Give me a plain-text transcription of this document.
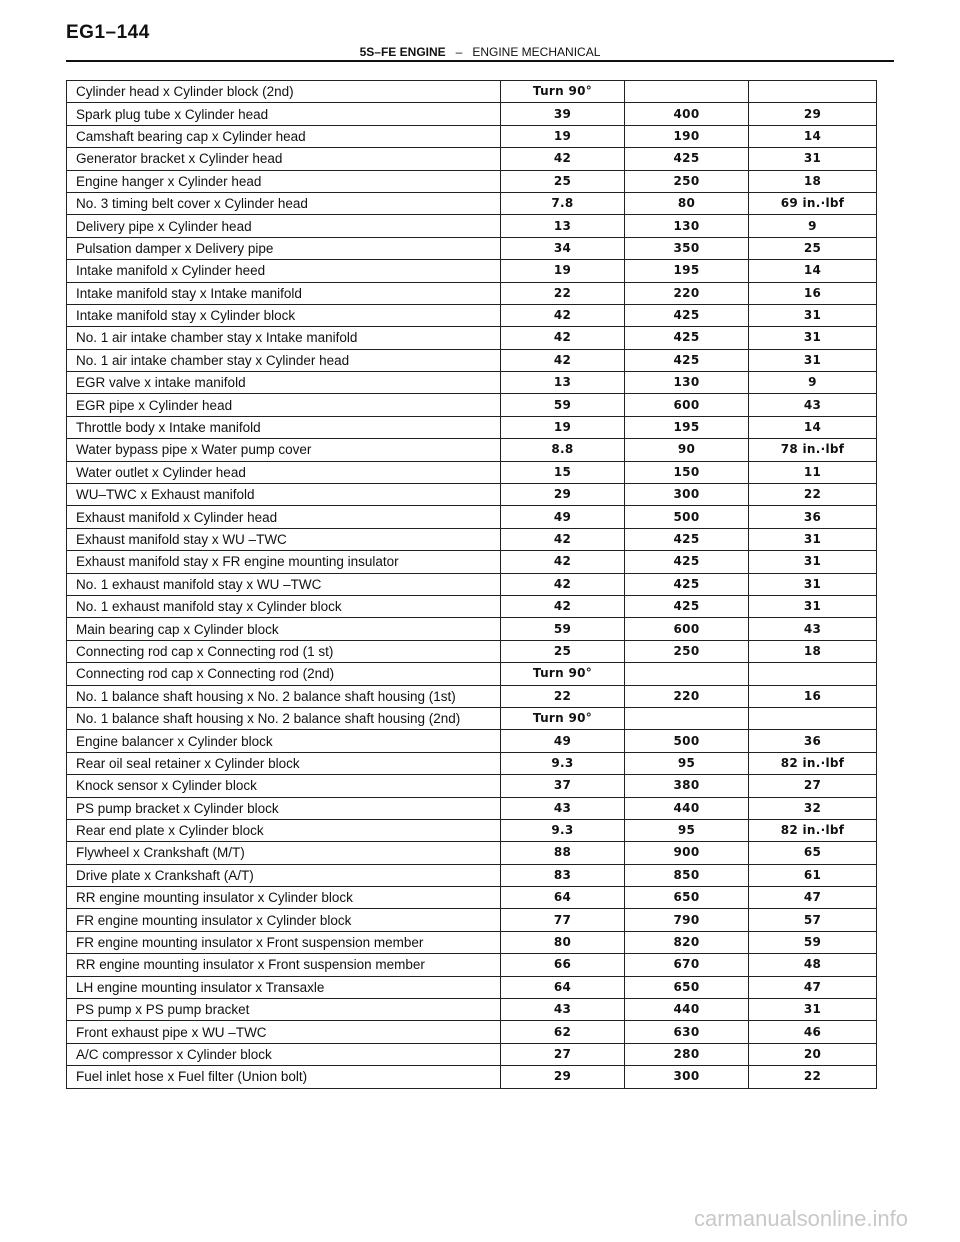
EG1–144
5S–FE ENGINE – ENGINE MECHANICAL
Cylinder head x Cylinder block (2nd)	Turn 90°		
Spark plug tube x Cylinder head	39	400	29
Camshaft bearing cap x Cylinder head	19	190	14
Generator bracket x Cylinder head	42	425	31
Engine hanger x Cylinder head	25	250	18
No. 3 timing belt cover x Cylinder head	7.8	80	69 in.·lbf
Delivery pipe x Cylinder head	13	130	9
Pulsation damper x Delivery pipe	34	350	25
Intake manifold x Cylinder heed	19	195	14
Intake manifold stay x Intake manifold	22	220	16
Intake manifold stay x Cylinder block	42	425	31
No. 1 air intake chamber stay x Intake manifold	42	425	31
No. 1 air intake chamber stay x Cylinder head	42	425	31
EGR valve x intake manifold	13	130	9
EGR pipe x Cylinder head	59	600	43
Throttle body x Intake manifold	19	195	14
Water bypass pipe x Water pump cover	8.8	90	78 in.·lbf
Water outlet x Cylinder head	15	150	11
WU–TWC x Exhaust manifold	29	300	22
Exhaust manifold x Cylinder head	49	500	36
Exhaust manifold stay x WU –TWC	42	425	31
Exhaust manifold stay x FR engine mounting insulator	42	425	31
No. 1 exhaust manifold stay x WU –TWC	42	425	31
No. 1 exhaust manifold stay x Cylinder block	42	425	31
Main bearing cap x Cylinder block	59	600	43
Connecting rod cap x Connecting rod (1 st)	25	250	18
Connecting rod cap x Connecting rod (2nd)	Turn 90°		
No. 1 balance shaft housing x No. 2 balance shaft housing (1st)	22	220	16
No. 1 balance shaft housing x No. 2 balance shaft housing (2nd)	Turn 90°		
Engine balancer x Cylinder block	49	500	36
Rear oil seal retainer x Cylinder block	9.3	95	82 in.·lbf
Knock sensor x Cylinder block	37	380	27
PS pump bracket x Cylinder block	43	440	32
Rear end plate x Cylinder block	9.3	95	82 in.·lbf
Flywheel x Crankshaft (M/T)	88	900	65
Drive plate x Crankshaft (A/T)	83	850	61
RR engine mounting insulator x Cylinder block	64	650	47
FR engine mounting insulator x Cylinder block	77	790	57
FR engine mounting insulator x Front suspension member	80	820	59
RR engine mounting insulator x Front suspension member	66	670	48
LH engine mounting insulator x Transaxle	64	650	47
PS pump x PS pump bracket	43	440	31
Front exhaust pipe x WU –TWC	62	630	46
A/C compressor x Cylinder block	27	280	20
Fuel inlet hose x Fuel filter (Union bolt)	29	300	22
carmanualsonline.info
